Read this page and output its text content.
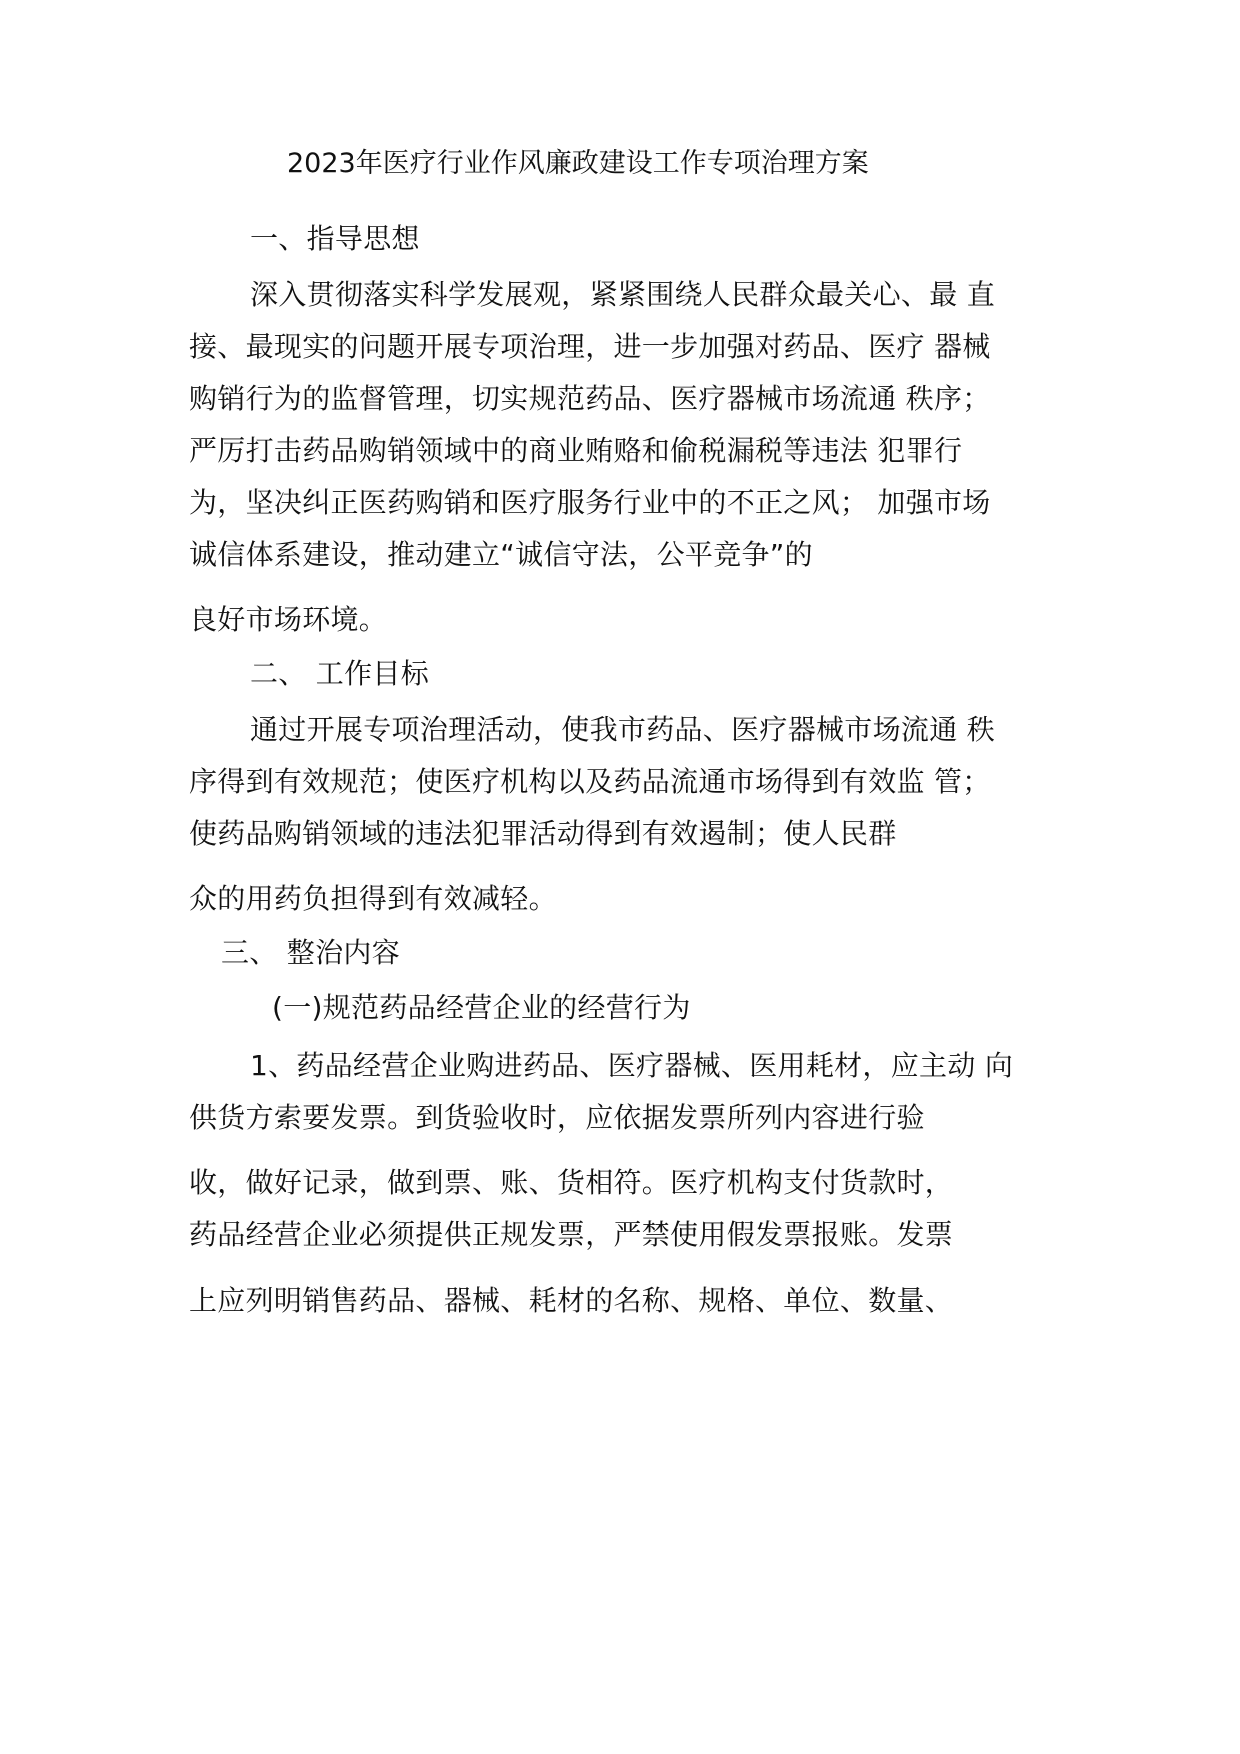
2023年医疗行业作风廉政建设工作专项治理方案
一、指导思想
深入贯彻落实科学发展观，紧紧围绕人民群众最关心、最 直
接、最现实的问题开展专项治理，进一步加强对药品、医疗 器械
购销行为的监督管理，切实规范药品、医疗器械市场流通 秩序；
严厉打击药品购销领域中的商业贿赂和偷税漏税等违法 犯罪行
为，坚决纠正医药购销和医疗服务行业中的不正之风； 加强市场
诚信体系建设，推动建立“诚信守法，公平竞争”的
良好市场环境。
二、 工作目标
通过开展专项治理活动，使我市药品、医疗器械市场流通 秩
序得到有效规范；使医疗机构以及药品流通市场得到有效监 管；
使药品购销领域的违法犯罪活动得到有效遏制；使人民群
众的用药负担得到有效减轻。
三、 整治内容
(一)规范药品经营企业的经营行为
1、药品经营企业购进药品、医疗器械、医用耗材，应主动 向
供货方索要发票。到货验收时，应依据发票所列内容进行验
收，做好记录，做到票、账、货相符。医疗机构支付货款时，
药品经营企业必须提供正规发票，严禁使用假发票报账。发票
上应列明销售药品、器械、耗材的名称、规格、单位、数量、
